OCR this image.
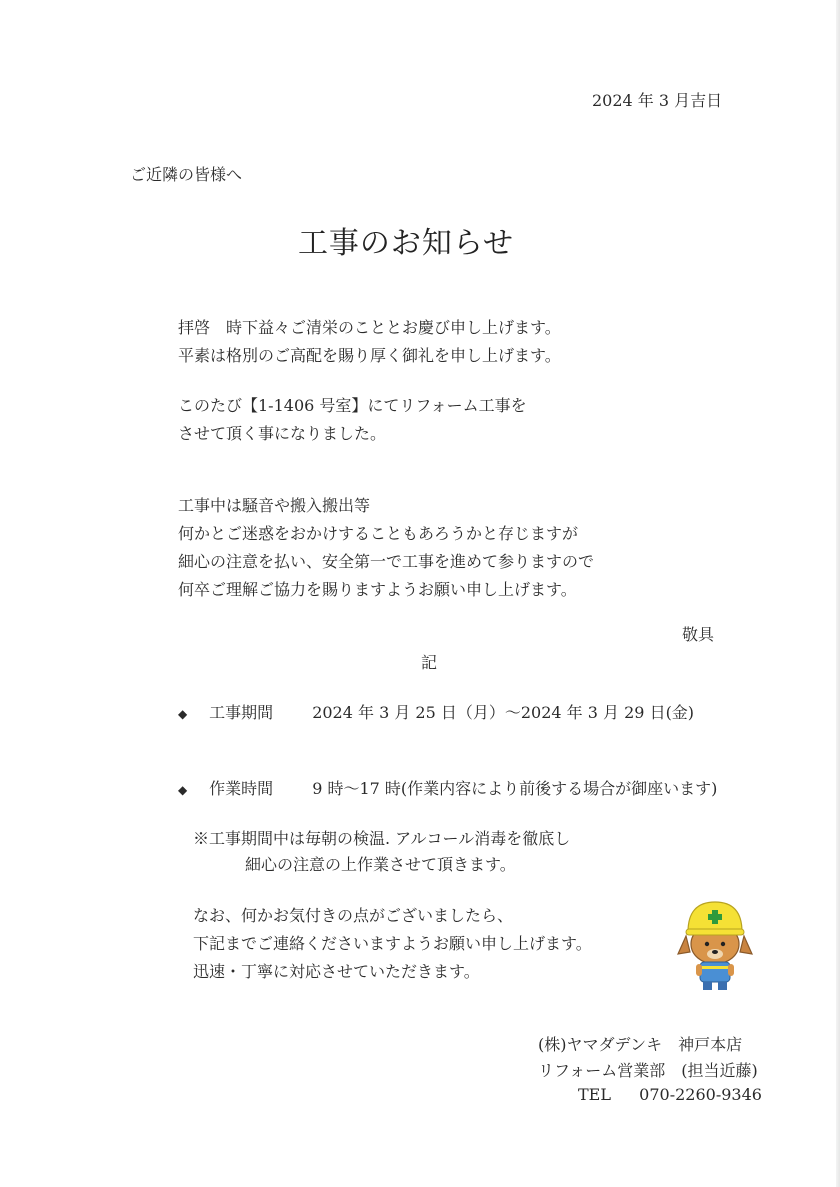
2024 年 3 月吉日
ご近隣の皆様へ
工事のお知らせ
拝啓　時下益々ご清栄のこととお慶び申し上げます。
平素は格別のご高配を賜り厚く御礼を申し上げます。
このたび【1-1406 号室】にてリフォーム工事を
させて頂く事になりました。
工事中は騒音や搬入搬出等
何かとご迷惑をおかけすることもあろうかと存じますが
細心の注意を払い、安全第一で工事を進めて参りますので
何卒ご理解ご協力を賜りますようお願い申し上げます。
敬具
記
◆ 工事期間 2024 年 3 月 25 日（月）～2024 年 3 月 29 日(金)
◆ 作業時間 9 時～17 時(作業内容により前後する場合が御座います)
※工事期間中は毎朝の検温. アルコール消毒を徹底し
細心の注意の上作業させて頂きます。
なお、何かお気付きの点がございましたら、
下記までご連絡くださいますようお願い申し上げます。
迅速・丁寧に対応させていただきます。
(株)ヤマダデンキ　神戸本店
リフォーム営業部　(担当近藤)
TEL 070-2260-9346
